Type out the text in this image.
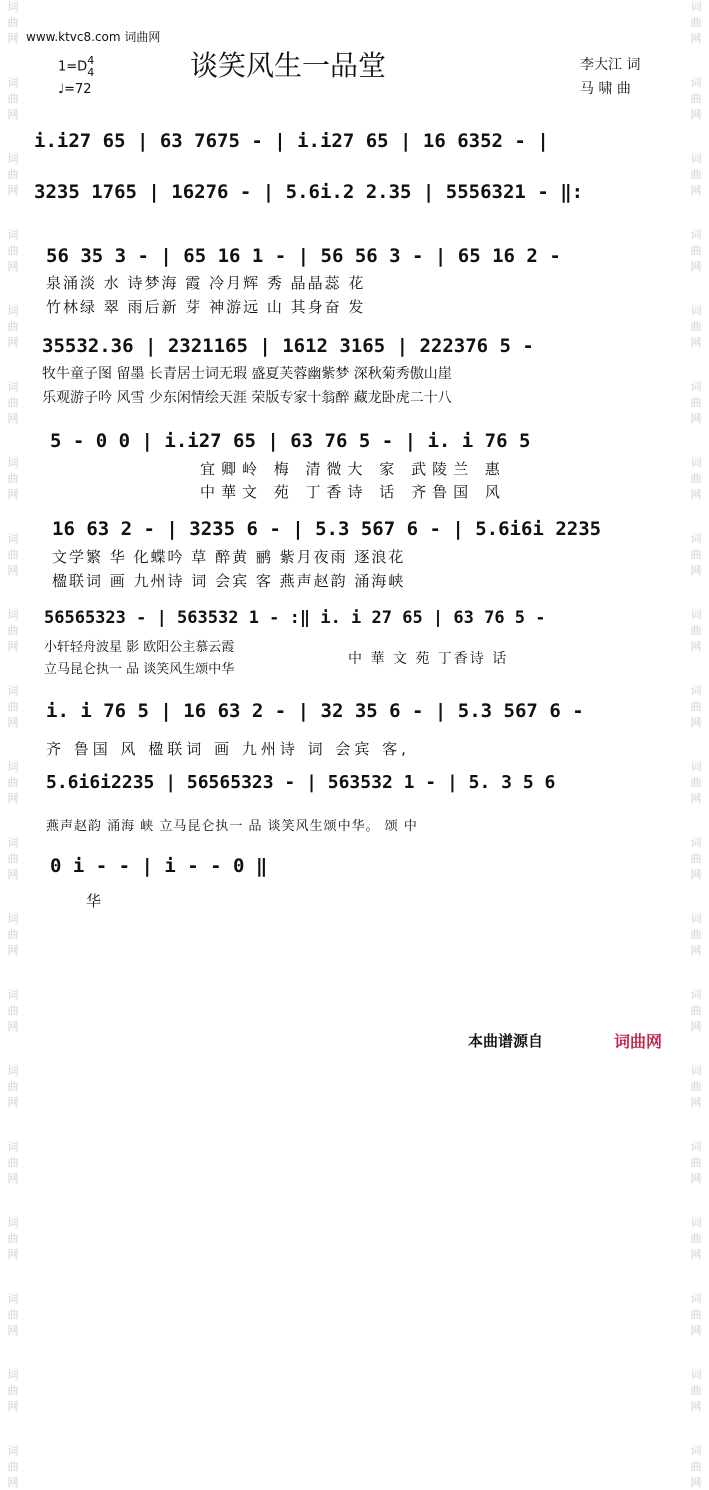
词
曲
网
词
曲
网
词
曲
网
词
曲
网
词
曲
网
词
曲
网
词
曲
网
词
曲
网
词
曲
网
词
曲
网
词
曲
网
词
曲
网
词
曲
网
词
曲
网
词
曲
网
词
曲
网
词
曲
网
词
曲
网
词
曲
网
词
曲
网
词
曲
网
词
曲
网
词
曲
网
词
曲
网
词
曲
网
词
曲
网
词
曲
网
词
曲
网
词
曲
网
词
曲
网
词
曲
网
词
曲
网
词
曲
网
词
曲
网
词
曲
网
词
曲
网
词
曲
网
词
曲
网
词
曲
网
词
曲
网
www.ktvc8.com 词曲网
谈笑风生一品堂	李大江 词
马 啸 曲
1=D 4
4
♩=72
i.i27 65 | 63 7675 - | i.i27 65 | 16 6352 - |
3235 1765 | 16276 - | 5.6i.2 2.35 | 5556321 - ‖:
56 35 3 - | 65 16 1 - | 56 56 3 - | 65 16 2 -
泉涌淡 水 诗梦海 霞 冷月辉 秀 晶晶蕊 花
竹林绿 翠 雨后新 芽 神游远 山 其身奋 发
35532.36 | 2321165 | 1612 3165 | 222376 5 -
牧牛童子图 留墨 长青居士词无瑕 盛夏芙蓉幽紫梦 深秋菊秀傲山崖
乐观游子吟 风雪 少东闲情绘天涯 荣版专家十翁醉 藏龙卧虎二十八
5 - 0 0 | i.i27 65 | 63 76 5 - | i. i 76 5
宜卿岭 梅 清微大 家 武陵兰 惠
中華文 苑 丁香诗 话 齐鲁国 风
16 63 2 - | 3235 6 - | 5.3 567 6 - | 5.6i6i 2235
文学繁 华 化蝶吟 草 醉黄 鹂 紫月夜雨 逐浪花
楹联词 画 九州诗 词 会宾 客 燕声赵韵 涌海峡
56565323 - | 563532 1 - :‖ i. i 27 65 | 63 76 5 -
小轩轻舟波星 影 欧阳公主慕云霞
立马昆仑执一 品 谈笑风生颂中华
中 華 文 苑 丁香诗 话
i. i 76 5 | 16 63 2 - | 32 35 6 - | 5.3 567 6 -
齐 鲁国 风 楹联词 画 九州诗 词 会宾 客,
5.6i6i2235 | 56565323 - | 563532 1 - | 5. 3 5 6
燕声赵韵 涌海 峡 立马昆仑执一 品 谈笑风生颂中华。 颂 中
0 i - - | i - - 0 ‖
华
本曲谱源自	词曲网
